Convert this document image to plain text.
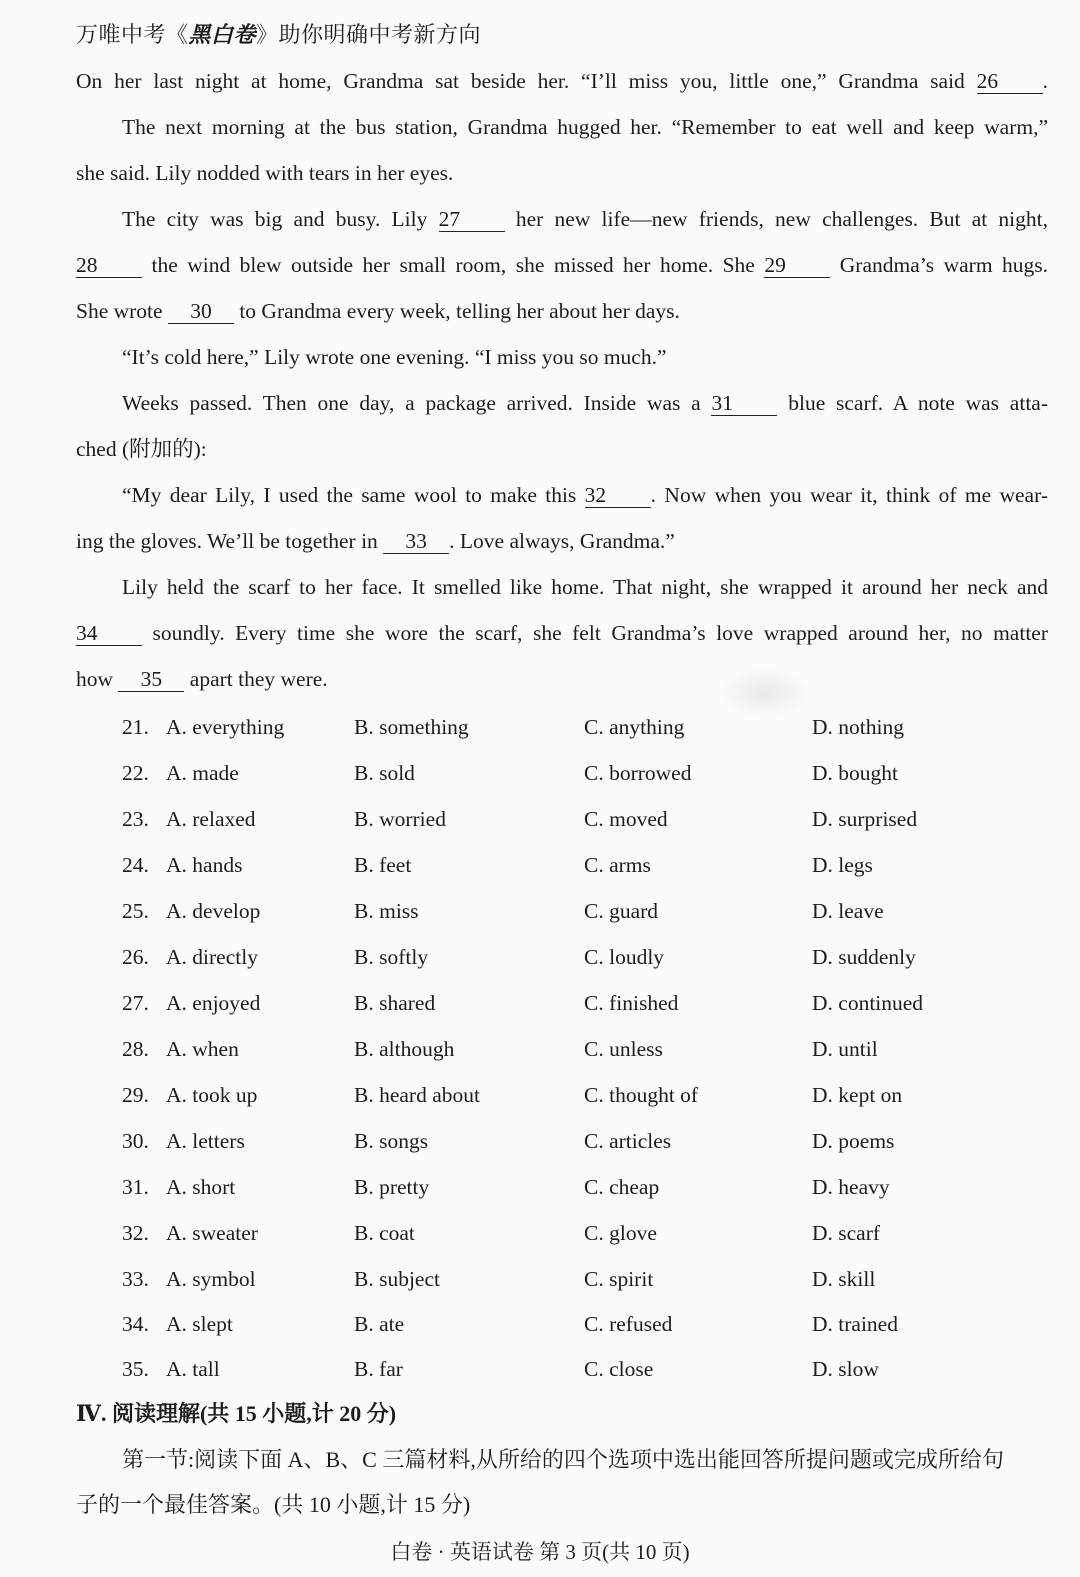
万唯中考《黑白卷》助你明确中考新方向
On her last night at home, Grandma sat beside her. “I’ll miss you, little one,” Grandma said 26 .
The next morning at the bus station, Grandma hugged her. “Remember to eat well and keep warm,”
she said. Lily nodded with tears in her eyes.
The city was big and busy. Lily 27 her new life—new friends, new challenges. But at night,
28 the wind blew outside her small room, she missed her home. She 29 Grandma’s warm hugs.
She wrote 30 to Grandma every week, telling her about her days.
“It’s cold here,” Lily wrote one evening. “I miss you so much.”
Weeks passed. Then one day, a package arrived. Inside was a 31 blue scarf. A note was atta-
ched (附加的):
“My dear Lily, I used the same wool to make this 32 . Now when you wear it, think of me wear-
ing the gloves. We’ll be together in 33 . Love always, Grandma.”
Lily held the scarf to her face. It smelled like home. That night, she wrapped it around her neck and
34 soundly. Every time she wore the scarf, she felt Grandma’s love wrapped around her, no matter
how 35 apart they were.
21. A. everything	B. something	C. anything	D. nothing
22. A. made	B. sold	C. borrowed	D. bought
23. A. relaxed	B. worried	C. moved	D. surprised
24. A. hands	B. feet	C. arms	D. legs
25. A. develop	B. miss	C. guard	D. leave
26. A. directly	B. softly	C. loudly	D. suddenly
27. A. enjoyed	B. shared	C. finished	D. continued
28. A. when	B. although	C. unless	D. until
29. A. took up	B. heard about	C. thought of	D. kept on
30. A. letters	B. songs	C. articles	D. poems
31. A. short	B. pretty	C. cheap	D. heavy
32. A. sweater	B. coat	C. glove	D. scarf
33. A. symbol	B. subject	C. spirit	D. skill
34. A. slept	B. ate	C. refused	D. trained
35. A. tall	B. far	C. close	D. slow
Ⅳ. 阅读理解(共 15 小题,计 20 分)
第一节:阅读下面 A、B、C 三篇材料,从所给的四个选项中选出能回答所提问题或完成所给句
子的一个最佳答案。(共 10 小题,计 15 分)
白卷 · 英语试卷 第 3 页(共 10 页)
